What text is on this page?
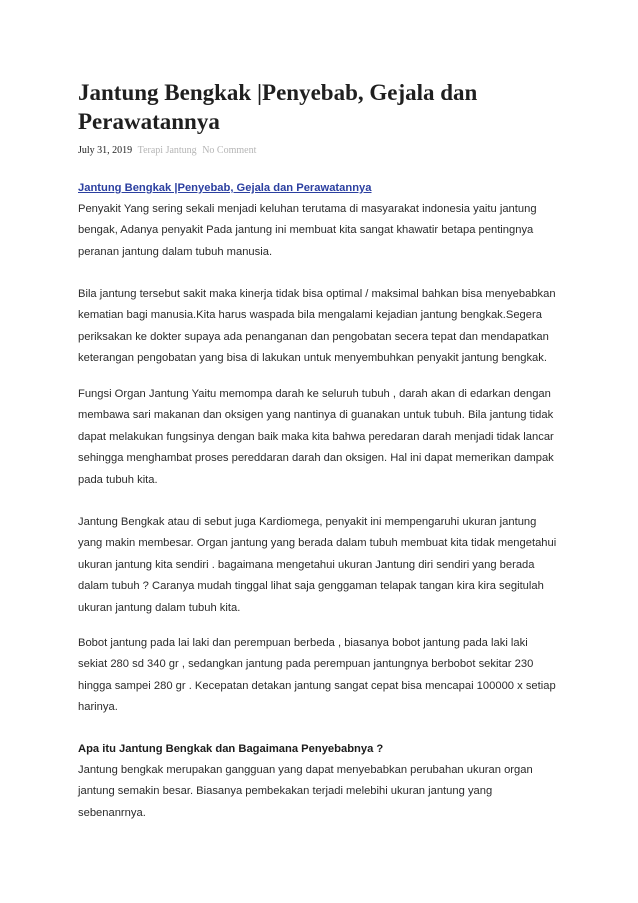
Jantung Bengkak |Penyebab, Gejala dan
Perawatannya
July 31, 2019 Terapi Jantung No Comment
Jantung Bengkak |Penyebab, Gejala dan Perawatannya
Penyakit Yang sering sekali menjadi keluhan terutama di masyarakat indonesia yaitu jantung
bengak, Adanya penyakit Pada jantung ini membuat kita sangat khawatir betapa pentingnya
peranan jantung dalam tubuh manusia.
Bila jantung tersebut sakit maka kinerja tidak bisa optimal / maksimal bahkan bisa menyebabkan
kematian bagi manusia.Kita harus waspada bila mengalami kejadian jantung bengkak.Segera
periksakan ke dokter supaya ada penanganan dan pengobatan secera tepat dan mendapatkan
keterangan pengobatan yang bisa di lakukan untuk menyembuhkan penyakit jantung bengkak.
Fungsi Organ Jantung Yaitu memompa darah ke seluruh tubuh , darah akan di edarkan dengan
membawa sari makanan dan oksigen yang nantinya di guanakan untuk tubuh. Bila jantung tidak
dapat melakukan fungsinya dengan baik maka kita bahwa peredaran darah menjadi tidak lancar
sehingga menghambat proses pereddaran darah dan oksigen. Hal ini dapat memerikan dampak
pada tubuh kita.
Jantung Bengkak atau di sebut juga Kardiomega, penyakit ini mempengaruhi ukuran jantung
yang makin membesar. Organ jantung yang berada dalam tubuh membuat kita tidak mengetahui
ukuran jantung kita sendiri . bagaimana mengetahui ukuran Jantung diri sendiri yang berada
dalam tubuh ? Caranya mudah tinggal lihat saja genggaman telapak tangan kira kira segitulah
ukuran jantung dalam tubuh kita.
Bobot jantung pada lai laki dan perempuan berbeda , biasanya bobot jantung pada laki laki
sekiat 280 sd 340 gr , sedangkan jantung pada perempuan jantungnya berbobot sekitar 230
hingga sampei 280 gr . Kecepatan detakan jantung sangat cepat bisa mencapai 100000 x setiap
harinya.
Apa itu Jantung Bengkak dan Bagaimana Penyebabnya ?
Jantung bengkak merupakan gangguan yang dapat menyebabkan perubahan ukuran organ
jantung semakin besar. Biasanya pembekakan terjadi melebihi ukuran jantung yang
sebenanrnya.
